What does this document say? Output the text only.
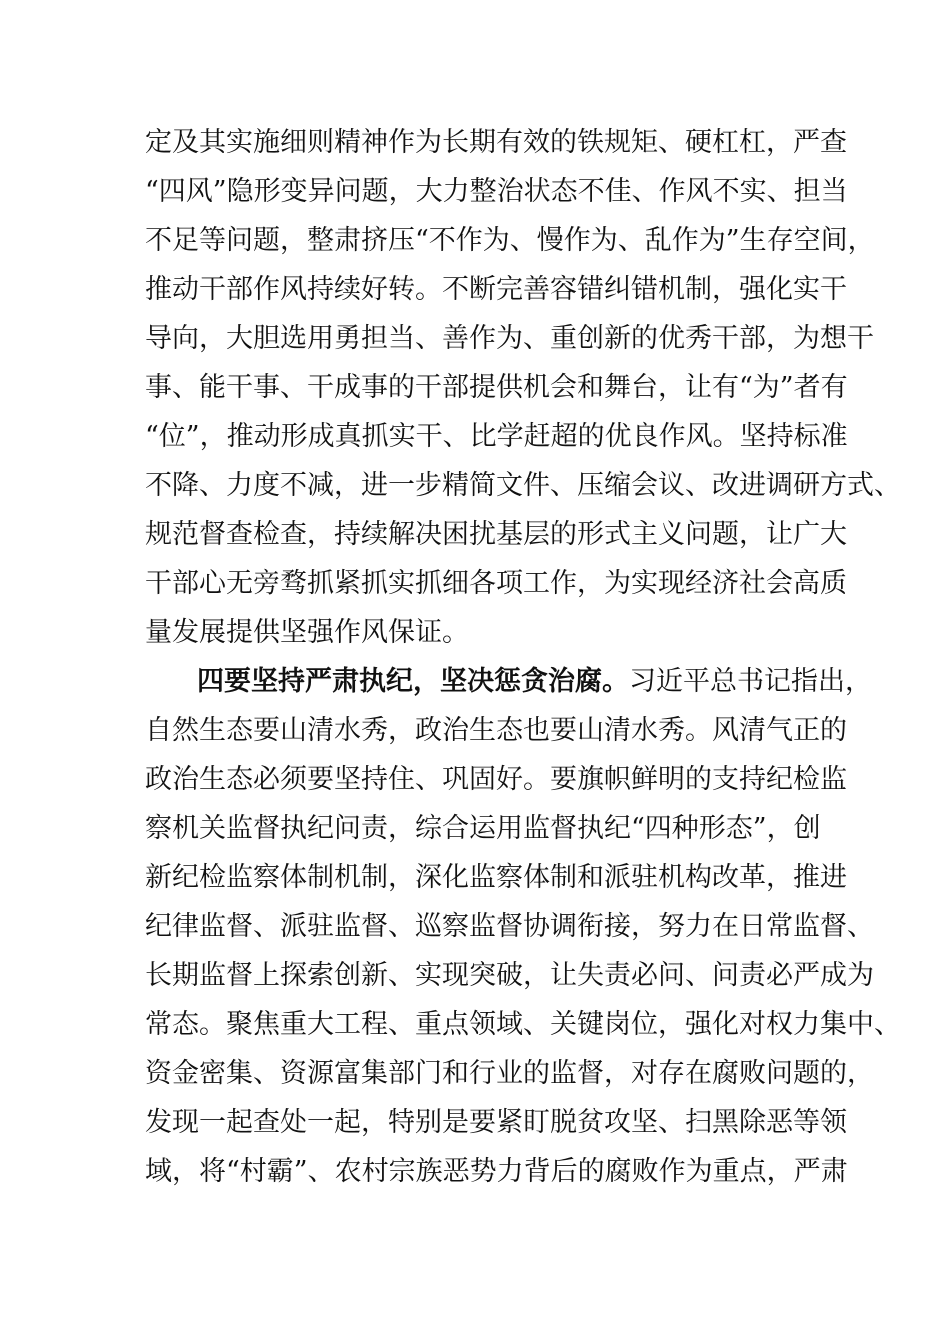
定及其实施细则精神作为长期有效的铁规矩、硬杠杠，严查
“四风”隐形变异问题，大力整治状态不佳、作风不实、担当
不足等问题，整肃挤压“不作为、慢作为、乱作为”生存空间，
推动干部作风持续好转。不断完善容错纠错机制，强化实干
导向，大胆选用勇担当、善作为、重创新的优秀干部，为想干
事、能干事、干成事的干部提供机会和舞台，让有“为”者有
“位”，推动形成真抓实干、比学赶超的优良作风。坚持标准
不降、力度不减，进一步精简文件、压缩会议、改进调研方式、
规范督查检查，持续解决困扰基层的形式主义问题，让广大
干部心无旁骛抓紧抓实抓细各项工作，为实现经济社会高质
量发展提供坚强作风保证。
四要坚持严肃执纪，坚决惩贪治腐。习近平总书记指出，
自然生态要山清水秀，政治生态也要山清水秀。风清气正的
政治生态必须要坚持住、巩固好。要旗帜鲜明的支持纪检监
察机关监督执纪问责，综合运用监督执纪“四种形态”，创
新纪检监察体制机制，深化监察体制和派驻机构改革，推进
纪律监督、派驻监督、巡察监督协调衔接，努力在日常监督、
长期监督上探索创新、实现突破，让失责必问、问责必严成为
常态。聚焦重大工程、重点领域、关键岗位，强化对权力集中、
资金密集、资源富集部门和行业的监督，对存在腐败问题的，
发现一起查处一起，特别是要紧盯脱贫攻坚、扫黑除恶等领
域，将“村霸”、农村宗族恶势力背后的腐败作为重点，严肃
